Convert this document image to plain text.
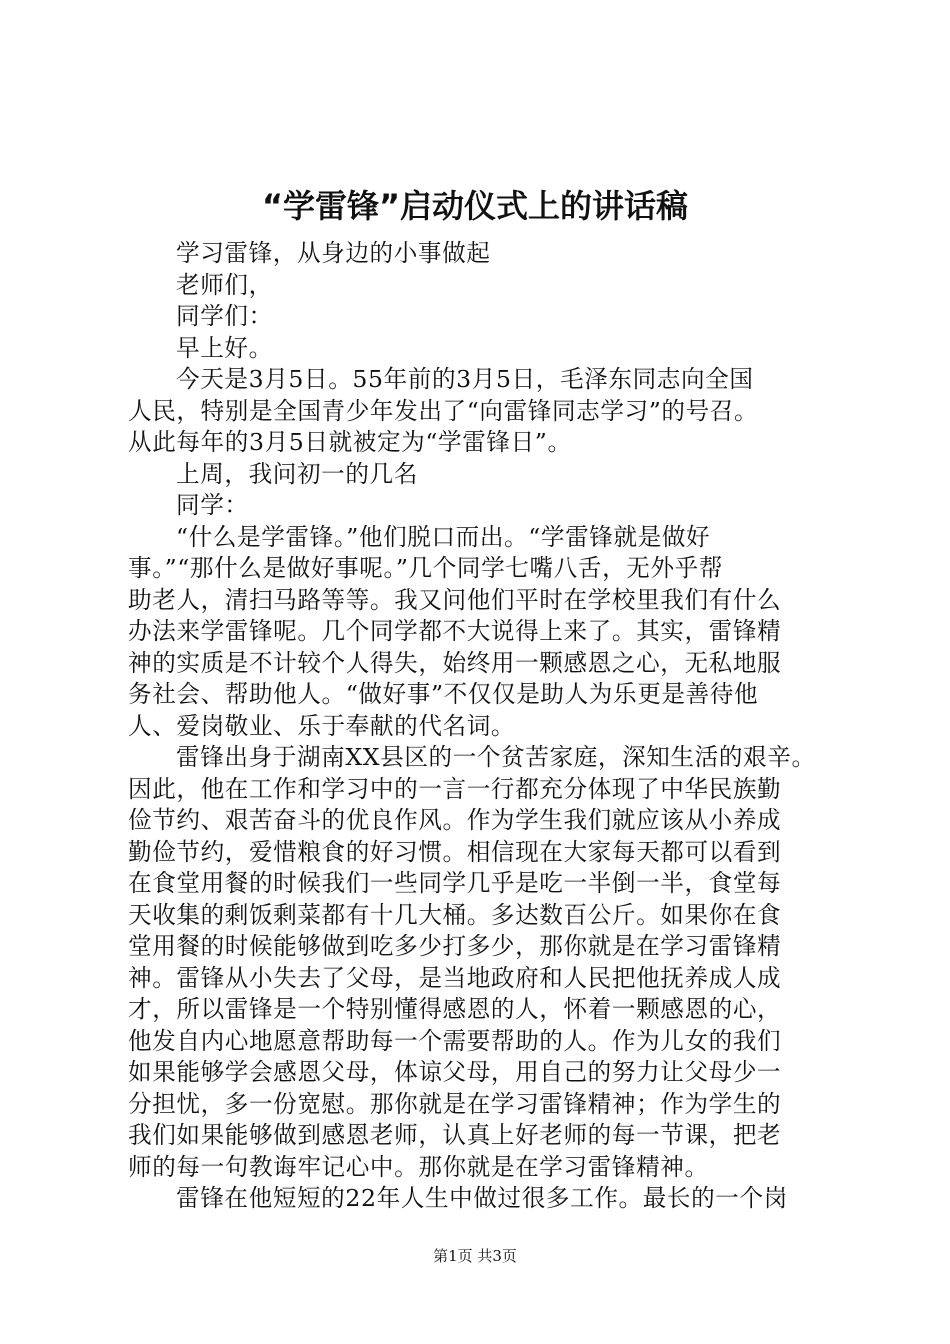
“学雷锋”启动仪式上的讲话稿
学习雷锋，从身边的小事做起
老师们，
同学们：
早上好。
今天是3月5日。55年前的3月5日，毛泽东同志向全国
人民，特别是全国青少年发出了“向雷锋同志学习”的号召。
从此每年的3月5日就被定为“学雷锋日”。
上周，我问初一的几名
同学：
“什么是学雷锋。”他们脱口而出。“学雷锋就是做好
事。”“那什么是做好事呢。”几个同学七嘴八舌，无外乎帮
助老人，清扫马路等等。我又问他们平时在学校里我们有什么
办法来学雷锋呢。几个同学都不大说得上来了。其实，雷锋精
神的实质是不计较个人得失，始终用一颗感恩之心，无私地服
务社会、帮助他人。“做好事”不仅仅是助人为乐更是善待他
人、爱岗敬业、乐于奉献的代名词。
雷锋出身于湖南XX县区的一个贫苦家庭，深知生活的艰辛。
因此，他在工作和学习中的一言一行都充分体现了中华民族勤
俭节约、艰苦奋斗的优良作风。作为学生我们就应该从小养成
勤俭节约，爱惜粮食的好习惯。相信现在大家每天都可以看到
在食堂用餐的时候我们一些同学几乎是吃一半倒一半，食堂每
天收集的剩饭剩菜都有十几大桶。多达数百公斤。如果你在食
堂用餐的时候能够做到吃多少打多少，那你就是在学习雷锋精
神。雷锋从小失去了父母，是当地政府和人民把他抚养成人成
才，所以雷锋是一个特别懂得感恩的人，怀着一颗感恩的心，
他发自内心地愿意帮助每一个需要帮助的人。作为儿女的我们
如果能够学会感恩父母，体谅父母，用自己的努力让父母少一
分担忧，多一份宽慰。那你就是在学习雷锋精神；作为学生的
我们如果能够做到感恩老师，认真上好老师的每一节课，把老
师的每一句教诲牢记心中。那你就是在学习雷锋精神。
雷锋在他短短的22年人生中做过很多工作。最长的一个岗
第1页 共3页
